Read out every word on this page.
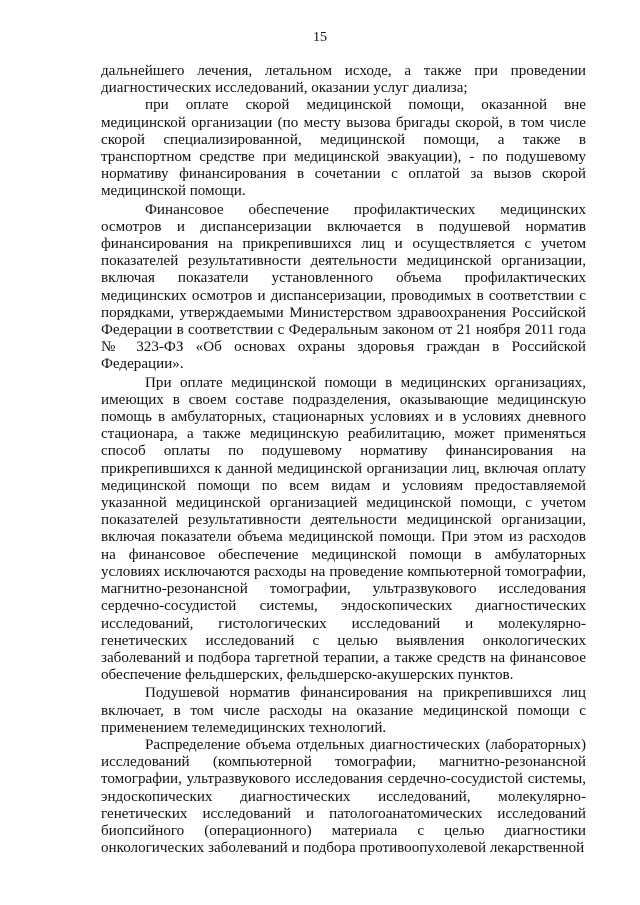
15

дальнейшего лечения, летальном исходе, а также при проведении диагностических исследований, оказании услуг диализа;

при оплате скорой медицинской помощи, оказанной вне медицинской организации (по месту вызова бригады скорой, в том числе скорой специализированной, медицинской помощи, а также в транспортном средстве при медицинской эвакуации), - по подушевому нормативу финансирования в сочетании с оплатой за вызов скорой медицинской помощи.

Финансовое обеспечение профилактических медицинских осмотров и диспансеризации включается в подушевой норматив финансирования на прикрепившихся лиц и осуществляется с учетом показателей результативности деятельности медицинской организации, включая показатели установленного объема профилактических медицинских осмотров и диспансеризации, проводимых в соответствии с порядками, утверждаемыми Министерством здравоохранения Российской Федерации в соответствии с Федеральным законом от 21 ноября 2011 года № 323-ФЗ «Об основах охраны здоровья граждан в Российской Федерации».

При оплате медицинской помощи в медицинских организациях, имеющих в своем составе подразделения, оказывающие медицинскую помощь в амбулаторных, стационарных условиях и в условиях дневного стационара, а также медицинскую реабилитацию, может применяться способ оплаты по подушевому нормативу финансирования на прикрепившихся к данной медицинской организации лиц, включая оплату медицинской помощи по всем видам и условиям предоставляемой указанной медицинской организацией медицинской помощи, с учетом показателей результативности деятельности медицинской организации, включая показатели объема медицинской помощи. При этом из расходов на финансовое обеспечение медицинской помощи в амбулаторных условиях исключаются расходы на проведение компьютерной томографии, магнитно-резонансной томографии, ультразвукового исследования сердечно-сосудистой системы, эндоскопических диагностических исследований, гистологических исследований и молекулярно-генетических исследований с целью выявления онкологических заболеваний и подбора таргетной терапии, а также средств на финансовое обеспечение фельдшерских, фельдшерско-акушерских пунктов.

Подушевой норматив финансирования на прикрепившихся лиц включает, в том числе расходы на оказание медицинской помощи с применением телемедицинских технологий.

Распределение объема отдельных диагностических (лабораторных) исследований (компьютерной томографии, магнитно-резонансной томографии, ультразвукового исследования сердечно-сосудистой системы, эндоскопических диагностических исследований, молекулярно-генетических исследований и патологоанатомических исследований биопсийного (операционного) материала с целью диагностики онкологических заболеваний и подбора противоопухолевой лекарственной
